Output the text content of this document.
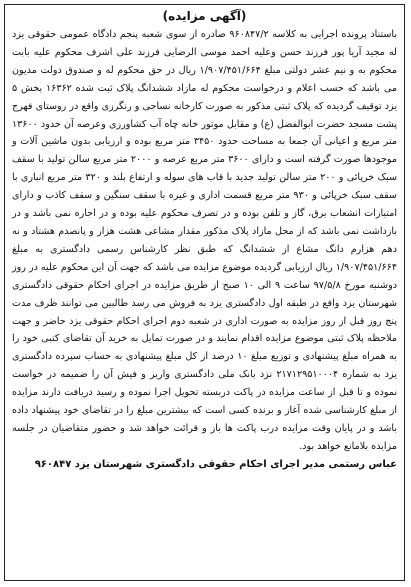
(آگهی مزایده)

باستناد پرونده اجرایی به کلاسه ۹۶۰۸۴۷/۲ صادره از سوی شعبه پنجم دادگاه عمومی حقوقی یزد له مجید آریا پور فرزند حسن وعلیه احمد موسی الرضایی فرزند علی اشرف محکوم علیه بابت محکوم به و نیم عشر دولتی مبلغ ۱/۹۰۷/۴۵۱/۶۶۴ ریال در حق محکوم له و صندوق دولت مدیون می باشد که حسب اعلام و درخواست محکوم له مازاد ششدانگ پلاک ثبت شده ۱۶۳۶۲ بخش ۵ یزد توقیف گردیده که پلاک ثبتی مذکور به صورت کارخانه نساجی و رنگرزی واقع در روستای فهرج پشت مسجد حضرت ابوالفضل (ع) و مقابل موتور خانه چاه آب کشاورزی وعرصه آن حدود ۱۳۶۰۰ متر مربع و اعیانی آن جمعا به مساحت حدود ۳۴۵۰ متر مربع بوده و ارزیابی بدون ماشین آلات و موجودها صورت گرفته است و دارای ۳۶۰۰ متر مربع عرصه و ۲۰۰۰ متر مربع سالن تولید با سقف سبک خرپائی و ۲۰۰ متر سالن تولید جدید با قاب های سوله و ارتفاع بلند و ۳۲۰ متر مربع انباری با سقف سبک خرپائی و ۹۳۰ متر مربع قسمت اداری و غیره با سقف سنگین و سقف کاذب و دارای امتیازات انشعاب برق، گاز و تلفن بوده و در تصرف محکوم علیه بوده و در اجاره نمی باشد و در بازداشت نمی باشد که از محل مازاد پلاک مذکور مقدار مشاعی هشت هزار و پانصدم هشتاد و نه دهم هزارم دانگ مشاع از ششدانگ که طبق نظر کارشناس رسمی دادگستری به مبلغ ۱/۹۰۷/۴۵۱/۶۶۴ ریال ارزیابی گردیده موضوع مزایده می باشد که جهت آن این محکوم علیه در روز دوشنبه مورخ ۹۷/۵/۸ ساعت ۹ الی ۱۰ صبح از طریق مزایده در اجرای احکام حقوقی دادگستری شهرستان یزد واقع در طبقه اول دادگستری یزد به فروش می رسد طالبین می توانند ظرف مدت پنج روز قبل از روز مزایده به صورت اداری در شعبه دوم اجرای احکام حقوقی یزد حاضر و جهت ملاحظه پلاک ثبتی موضوع مزایده اقدام نمایند و در صورت تمایل به خرید آن تقاضای کتبی خود را به همراه مبلغ پیشنهادی و توزیع مبلغ ۱۰ درصد از کل مبلغ پیشنهادی به حساب سپرده دادگستری یزد به شماره ۲۱۷۱۲۹۵۱۰۰۰۴ نزد بانک ملی دادگستری واریز و فیش آن را ضمیمه در خواست نموده و تا قبل از ساعت مزایده در پاکت دربسته تحویل اجرا نموده و رسید دریافت دارند مزایده از مبلغ کارشناسی شده آغاز و برنده کسی است که بیشترین مبلغ را در تقاضای خود پیشنهاد داده باشد و در پایان وقت مزایده درب پاکت ها باز و قرائت خواهد شد و حضور متقاضیان در جلسه مزایده بلامانع خواهد بود.

عباس رستمی مدیر اجرای احکام حقوقی دادگستری شهرستان یزد ۹۶۰۸۴۷
